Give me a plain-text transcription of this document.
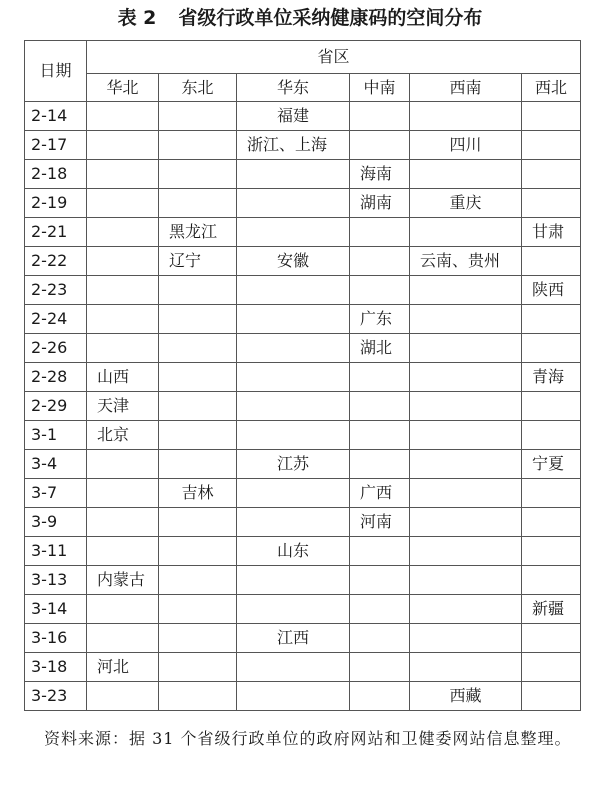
表 2 省级行政单位采纳健康码的空间分布
日期	省区					
	华北	东北	华东	中南	西南	西北
2-14			福建			
2-17			浙江、上海		四川	
2-18				海南		
2-19				湖南	重庆	
2-21		黑龙江				甘肃
2-22		辽宁	安徽		云南、贵州	
2-23						陕西
2-24				广东		
2-26				湖北		
2-28	山西					青海
2-29	天津					
3-1	北京					
3-4			江苏			宁夏
3-7		吉林		广西		
3-9				河南		
3-11			山东			
3-13	内蒙古					
3-14						新疆
3-16			江西			
3-18	河北					
3-23					西藏	
资料来源：据 31 个省级行政单位的政府网站和卫健委网站信息整理。
